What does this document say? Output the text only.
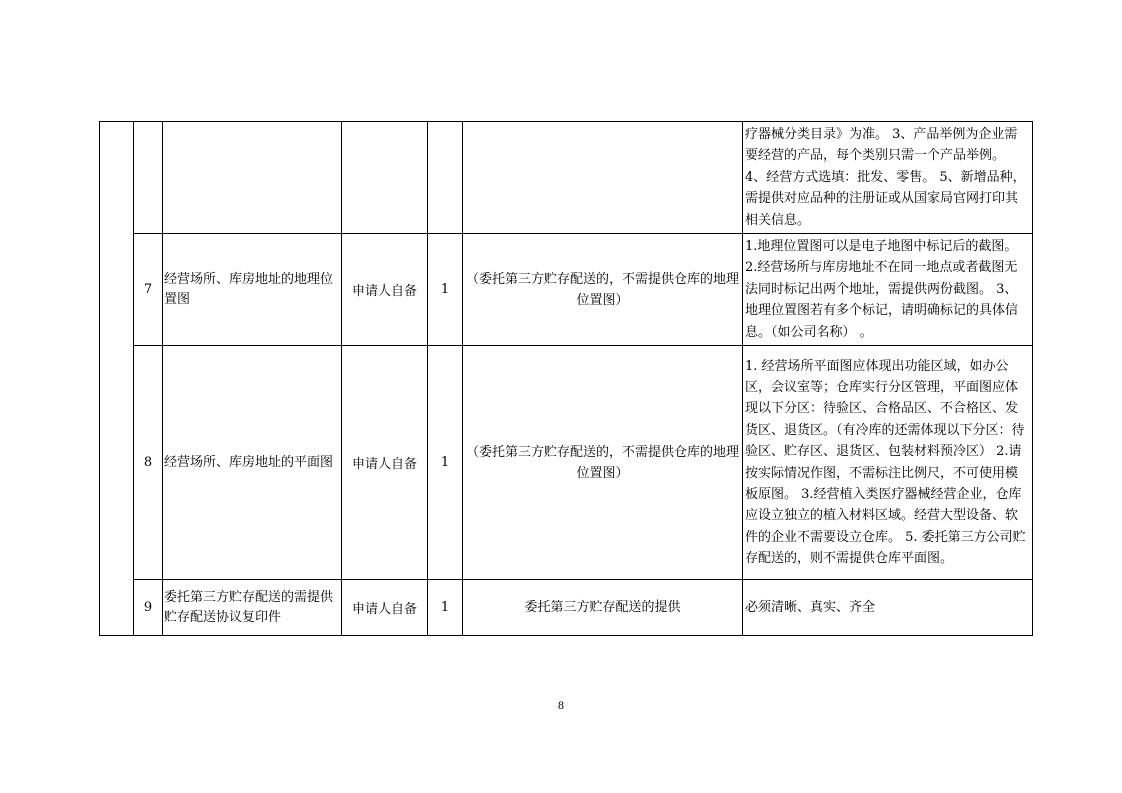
						疗器械分类目录》为准。 3、产品举例为企业需要经营的产品，每个类别只需一个产品举例。 4、经营方式选填：批发、零售。 5、新增品种，需提供对应品种的注册证或从国家局官网打印其相关信息。
	7	经营场所、库房地址的地理位置图	申请人自备	1	（委托第三方贮存配送的，不需提供仓库的地理位置图）	1.地理位置图可以是电子地图中标记后的截图。 2.经营场所与库房地址不在同一地点或者截图无法同时标记出两个地址，需提供两份截图。 3、地理位置图若有多个标记，请明确标记的具体信息。（如公司名称） 。
	8	经营场所、库房地址的平面图	申请人自备	1	（委托第三方贮存配送的，不需提供仓库的地理位置图）	1. 经营场所平面图应体现出功能区域，如办公区，会议室等；仓库实行分区管理，平面图应体现以下分区：待验区、合格品区、不合格区、发货区、退货区。（有冷库的还需体现以下分区：待验区、贮存区、退货区、包装材料预冷区） 2.请按实际情况作图，不需标注比例尺，不可使用模板原图。 3.经营植入类医疗器械经营企业，仓库应设立独立的植入材料区域。经营大型设备、软件的企业不需要设立仓库。 5. 委托第三方公司贮存配送的，则不需提供仓库平面图。
	9	委托第三方贮存配送的需提供贮存配送协议复印件	申请人自备	1	委托第三方贮存配送的提供	必须清晰、真实、齐全
8
